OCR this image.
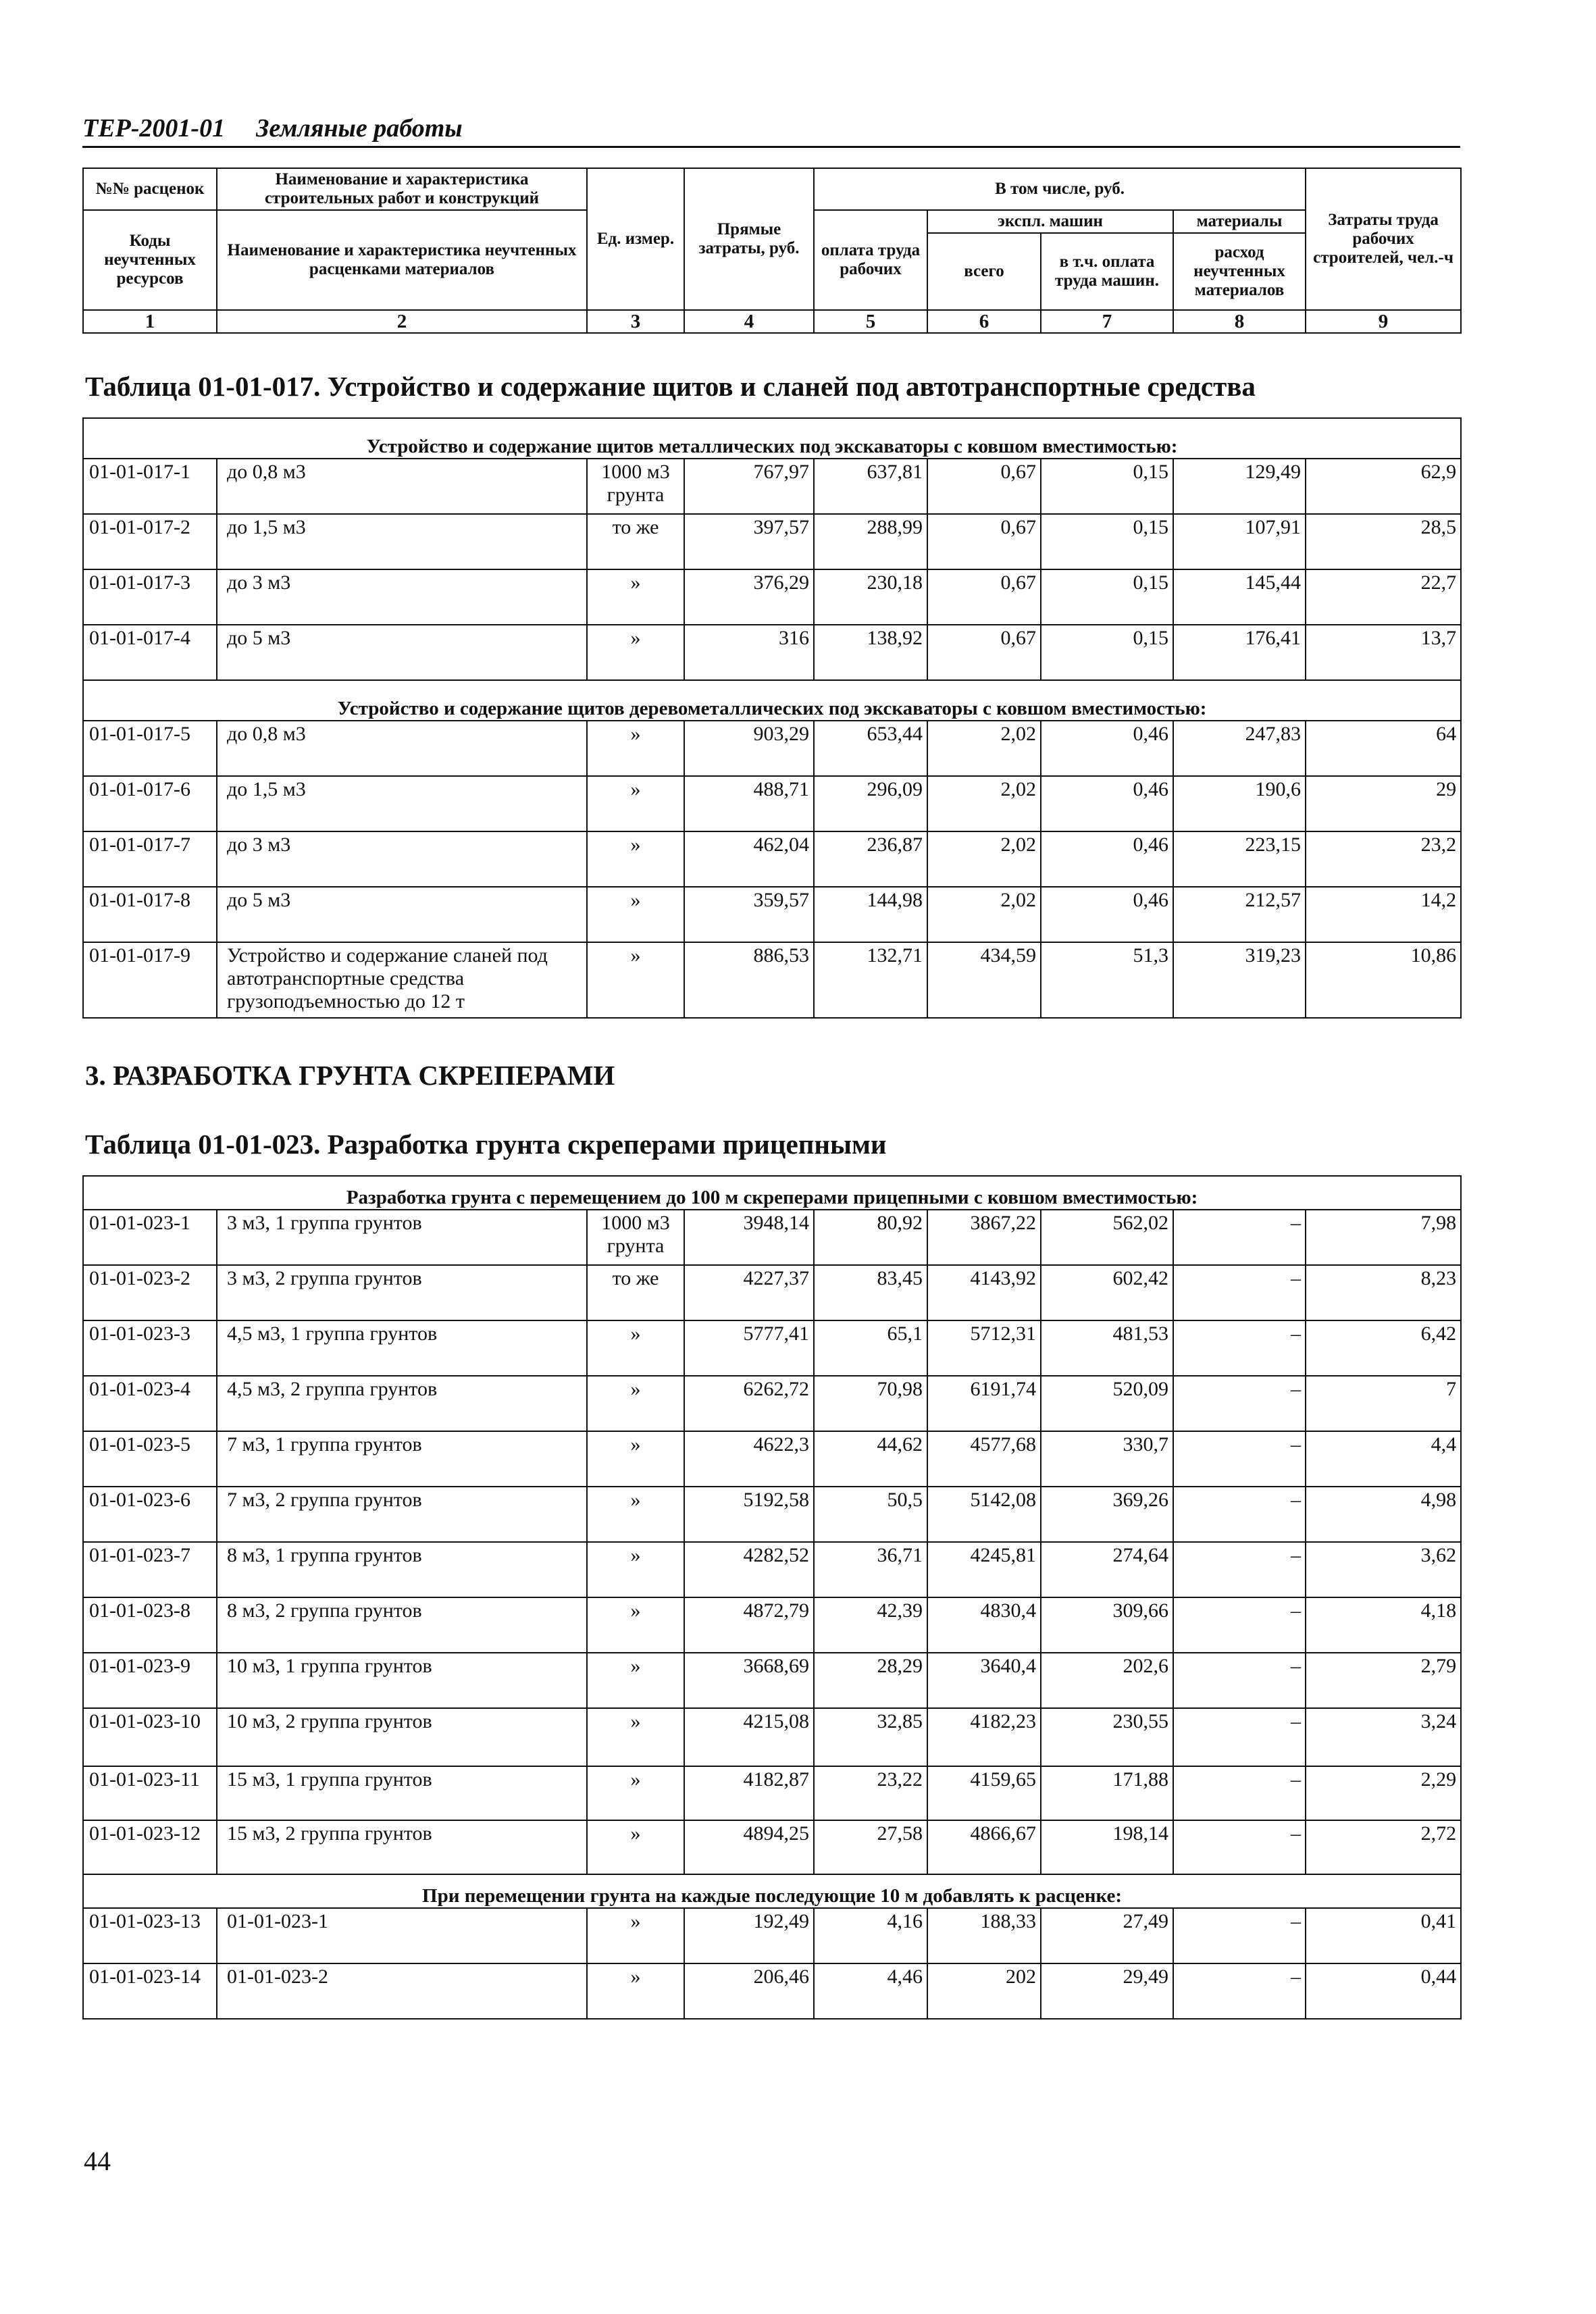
ТЕР-2001-01 Земляные работы
№№ расценок	Наименование и характеристика строительных работ и конструкций	Ед. измер.	Прямые затраты, руб.	В том числе, руб.				Затраты труда рабочих строителей, чел.-ч
Коды неучтенных ресурсов	Наименование и характеристика неучтенных расценками материалов			оплата труда рабочих	экспл. машин		материалы	
					всего	в т.ч. оплата труда машин.	расход неучтенных материалов	

1	2	3	4	5	6	7	8	9
Таблица 01-01-017. Устройство и содержание щитов и сланей под автотранспортные средства
Устройство и содержание щитов металлических под экскаваторы с ковшом вместимостью:								
01-01-017-1	до 0,8 м3	1000 м3 грунта	767,97	637,81	0,67	0,15	129,49	62,9
01-01-017-2	до 1,5 м3	то же	397,57	288,99	0,67	0,15	107,91	28,5
01-01-017-3	до 3 м3	»	376,29	230,18	0,67	0,15	145,44	22,7
01-01-017-4	до 5 м3	»	316	138,92	0,67	0,15	176,41	13,7
Устройство и содержание щитов деревометаллических под экскаваторы с ковшом вместимостью:								
01-01-017-5	до 0,8 м3	»	903,29	653,44	2,02	0,46	247,83	64
01-01-017-6	до 1,5 м3	»	488,71	296,09	2,02	0,46	190,6	29
01-01-017-7	до 3 м3	»	462,04	236,87	2,02	0,46	223,15	23,2
01-01-017-8	до 5 м3	»	359,57	144,98	2,02	0,46	212,57	14,2
01-01-017-9	Устройство и содержание сланей под автотранспортные средства грузоподъемностью до 12 т	»	886,53	132,71	434,59	51,3	319,23	10,86
3. РАЗРАБОТКА ГРУНТА СКРЕПЕРАМИ
Таблица 01-01-023. Разработка грунта скреперами прицепными
Разработка грунта с перемещением до 100 м скреперами прицепными с ковшом вместимостью:								
01-01-023-1	3 м3, 1 группа грунтов	1000 м3 грунта	3948,14	80,92	3867,22	562,02	–	7,98
01-01-023-2	3 м3, 2 группа грунтов	то же	4227,37	83,45	4143,92	602,42	–	8,23
01-01-023-3	4,5 м3, 1 группа грунтов	»	5777,41	65,1	5712,31	481,53	–	6,42
01-01-023-4	4,5 м3, 2 группа грунтов	»	6262,72	70,98	6191,74	520,09	–	7
01-01-023-5	7 м3, 1 группа грунтов	»	4622,3	44,62	4577,68	330,7	–	4,4
01-01-023-6	7 м3, 2 группа грунтов	»	5192,58	50,5	5142,08	369,26	–	4,98
01-01-023-7	8 м3, 1 группа грунтов	»	4282,52	36,71	4245,81	274,64	–	3,62
01-01-023-8	8 м3, 2 группа грунтов	»	4872,79	42,39	4830,4	309,66	–	4,18
01-01-023-9	10 м3, 1 группа грунтов	»	3668,69	28,29	3640,4	202,6	–	2,79
01-01-023-10	10 м3, 2 группа грунтов	»	4215,08	32,85	4182,23	230,55	–	3,24
01-01-023-11	15 м3, 1 группа грунтов	»	4182,87	23,22	4159,65	171,88	–	2,29
01-01-023-12	15 м3, 2 группа грунтов	»	4894,25	27,58	4866,67	198,14	–	2,72
При перемещении грунта на каждые последующие 10 м добавлять к расценке:								
01-01-023-13	01-01-023-1	»	192,49	4,16	188,33	27,49	–	0,41
01-01-023-14	01-01-023-2	»	206,46	4,46	202	29,49	–	0,44
44
